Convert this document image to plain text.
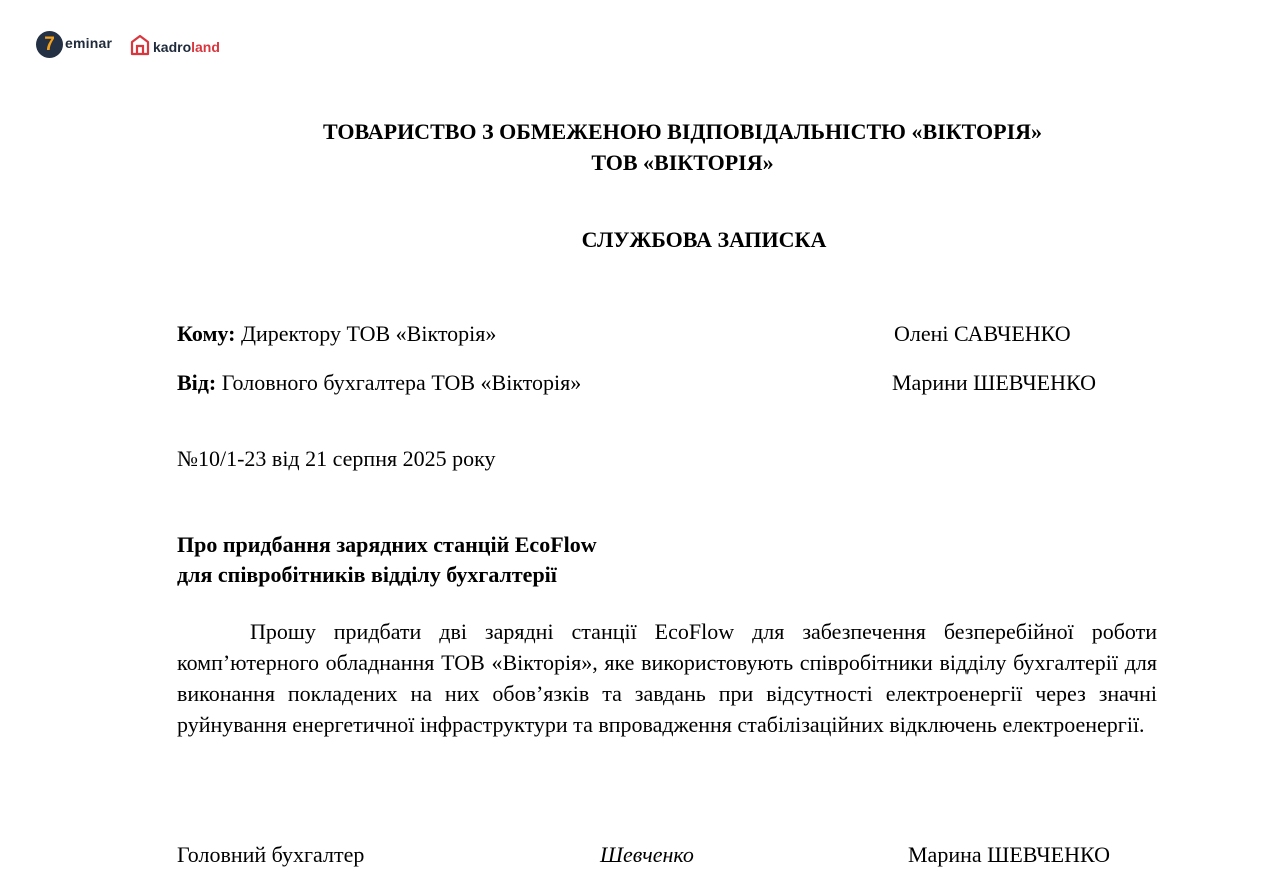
7 eminar	kadroland
ТОВАРИСТВО З ОБМЕЖЕНОЮ ВІДПОВІДАЛЬНІСТЮ «ВІКТОРІЯ»
ТОВ «ВІКТОРІЯ»
СЛУЖБОВА ЗАПИСКА
Кому: Директору ТОВ «Вікторія»	Олені САВЧЕНКО
Від: Головного бухгалтера ТОВ «Вікторія»	Марини ШЕВЧЕНКО
№10/1-23 від 21 серпня 2025 року
Про придбання зарядних станцій EcoFlow
для співробітників відділу бухгалтерії
Прошу придбати дві зарядні станції EcoFlow для забезпечення безперебійної роботи комп’ютерного обладнання ТОВ «Вікторія», яке використовують співробітники відділу бухгалтерії для виконання покладених на них обов’язків та завдань при відсутності електроенергії через значні руйнування енергетичної інфраструктури та впровадження стабілізаційних відключень електроенергії.
Головний бухгалтер	Шевченко	Марина ШЕВЧЕНКО
